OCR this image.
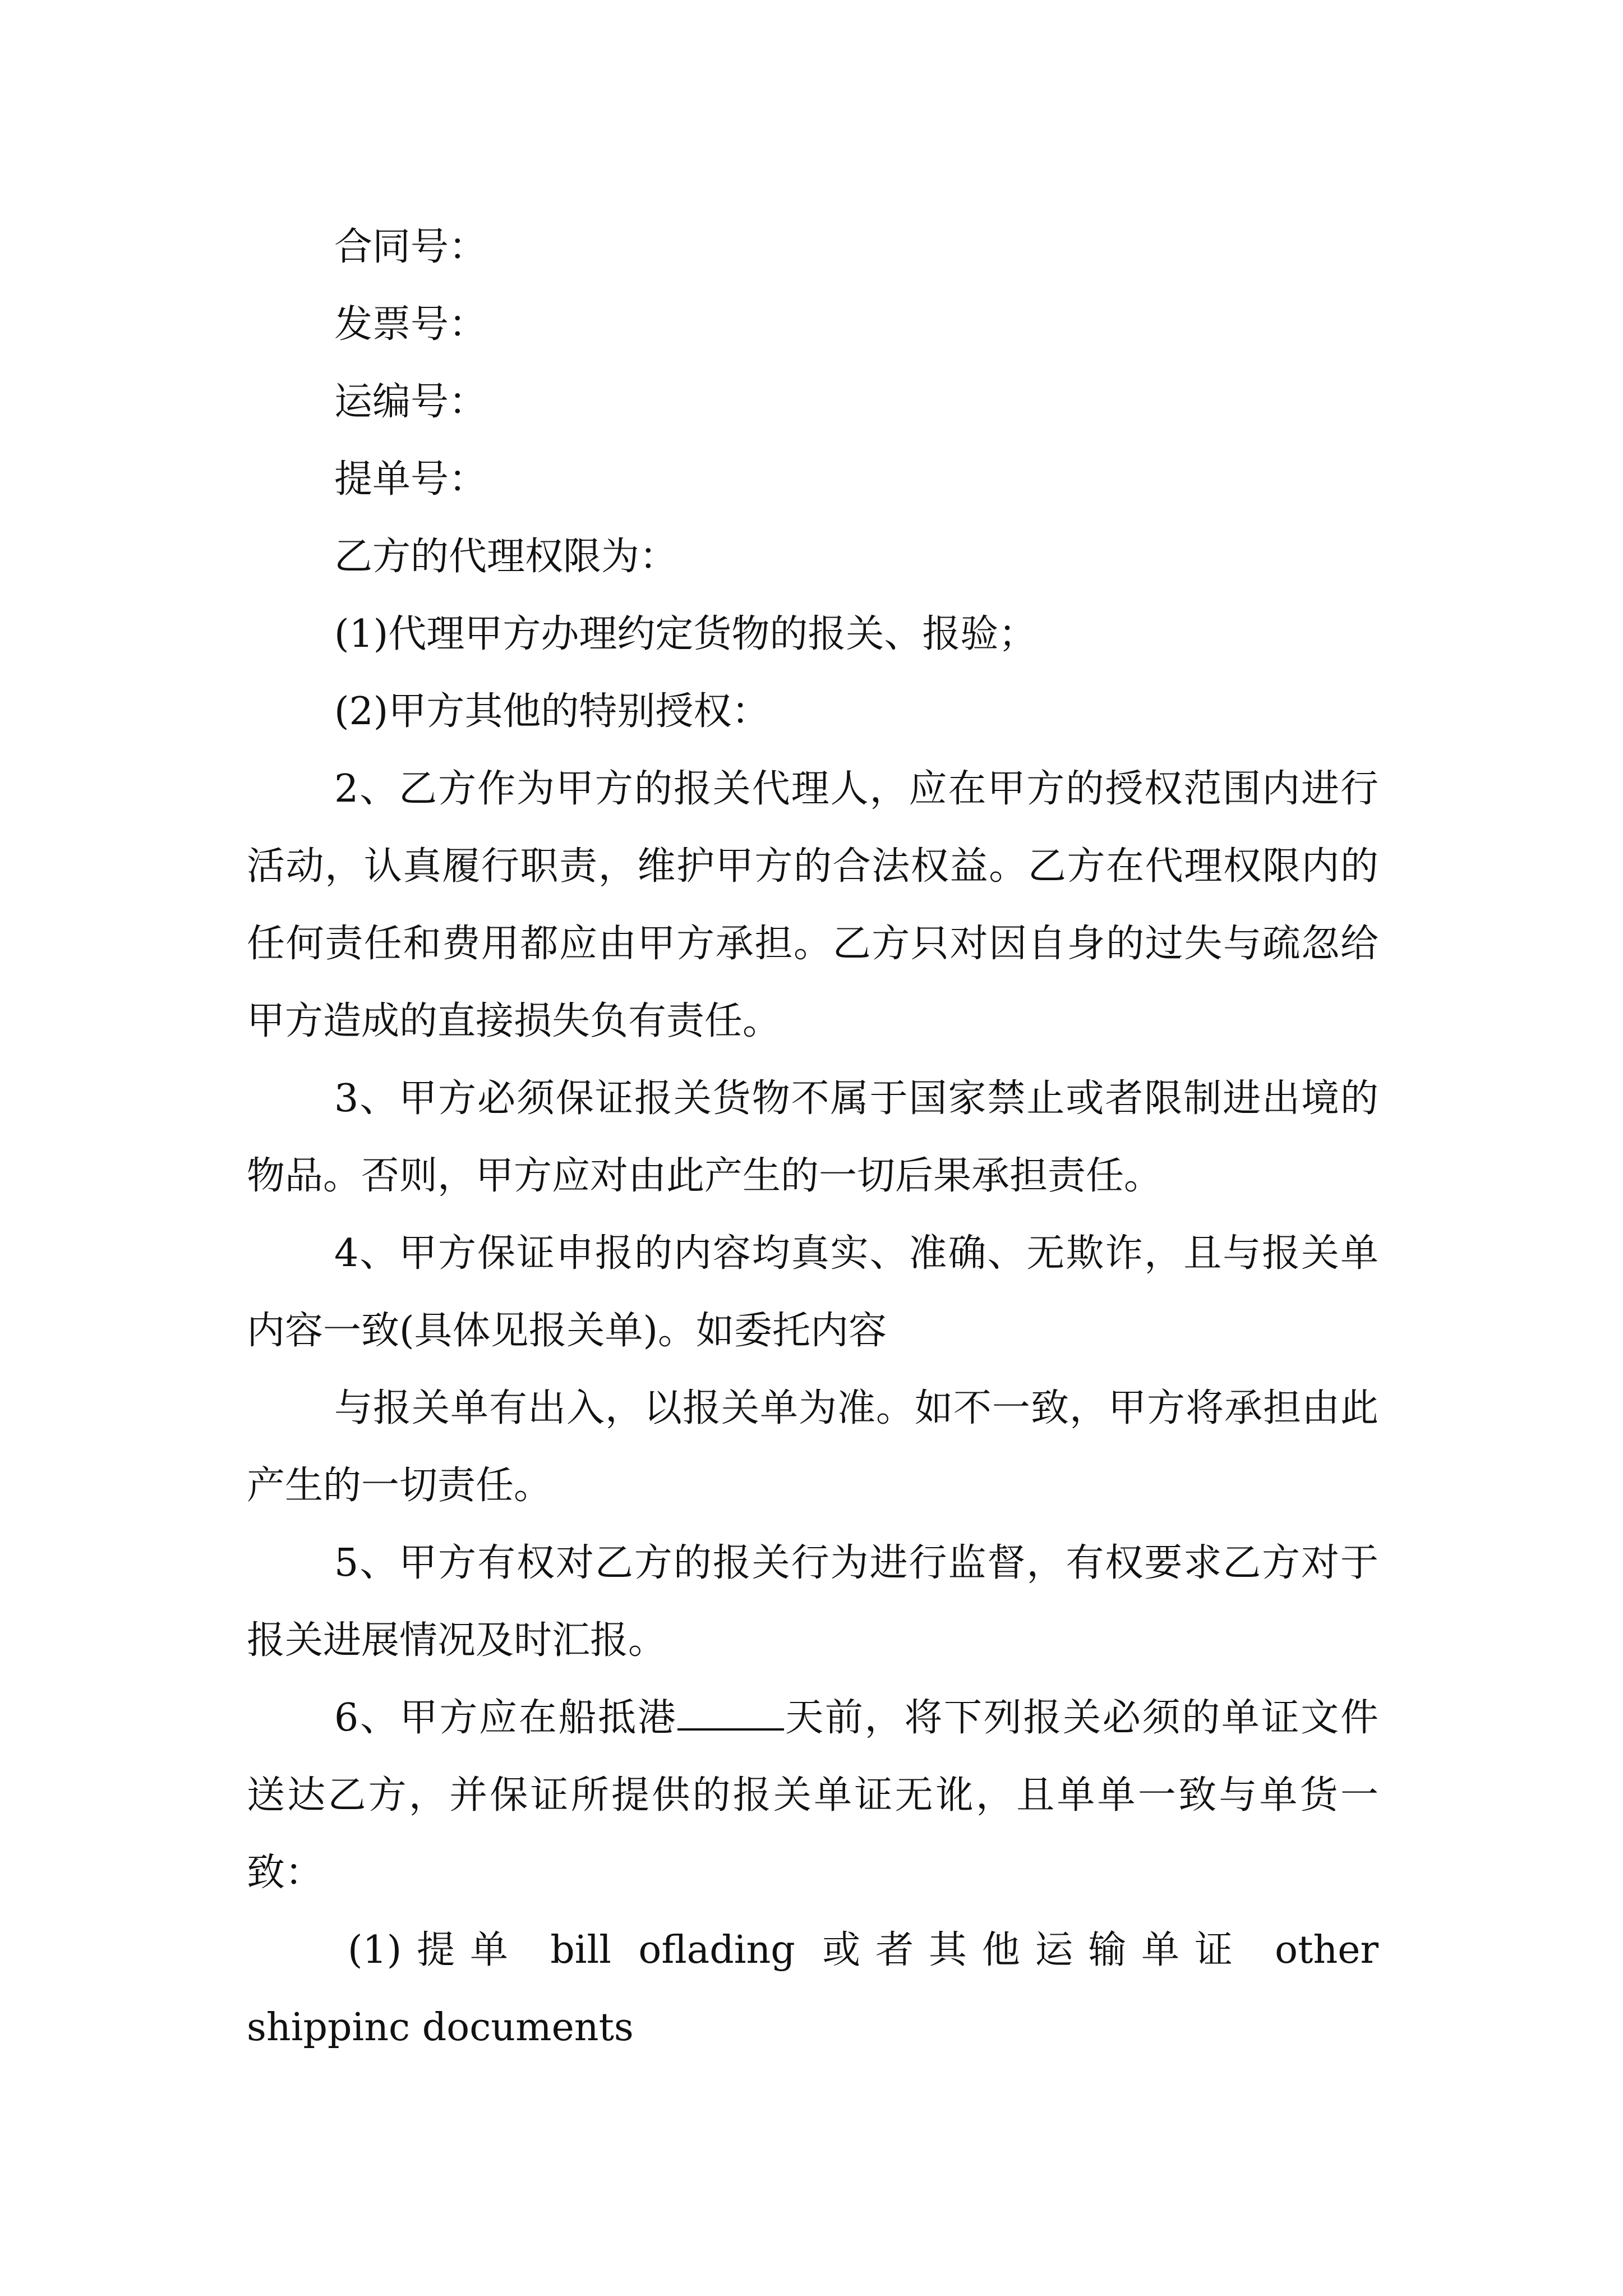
合同号：
发票号：
运编号：
提单号：
乙方的代理权限为：
(1)代理甲方办理约定货物的报关、报验；
(2)甲方其他的特别授权：

2、乙方作为甲方的报关代理人，应在甲方的授权范围内进行活动，认真履行职责，维护甲方的合法权益。乙方在代理权限内的任何责任和费用都应由甲方承担。乙方只对因自身的过失与疏忽给甲方造成的直接损失负有责任。

3、甲方必须保证报关货物不属于国家禁止或者限制进出境的物品。否则，甲方应对由此产生的一切后果承担责任。

4、甲方保证申报的内容均真实、准确、无欺诈，且与报关单内容一致(具体见报关单)。如委托内容

与报关单有出入，以报关单为准。如不一致，甲方将承担由此产生的一切责任。

5、甲方有权对乙方的报关行为进行监督，有权要求乙方对于报关进展情况及时汇报。

6、甲方应在船抵港	天前，将下列报关必须的单证文件送达乙方，并保证所提供的报关单证无讹，且单单一致与单货一致：

(1)提单 bill oflading 或者其他运输单证 other
shippinc documents
